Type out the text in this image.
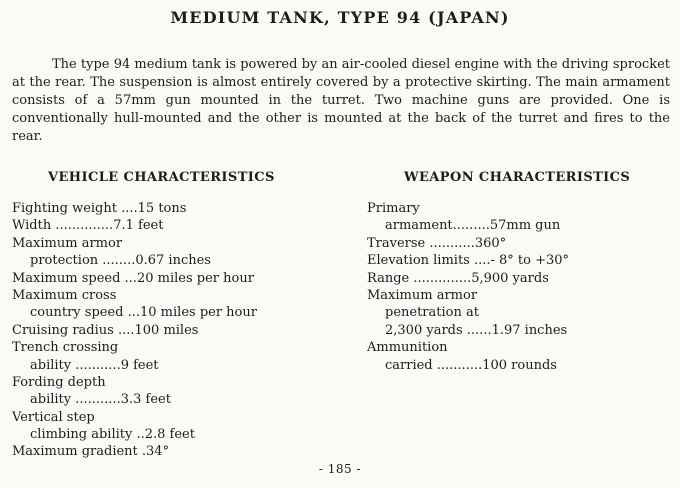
MEDIUM TANK, TYPE 94 (JAPAN)

The type 94 medium tank is powered by an air-cooled diesel engine with the driving sprocket at the rear. The suspension is almost entirely covered by a protective skirting. The main armament consists of a 57mm gun mounted in the turret. Two machine guns are provided. One is conventionally hull-mounted and the other is mounted at the back of the turret and fires to the rear.

VEHICLE CHARACTERISTICS	WEAPON CHARACTERISTICS
Fighting weight ....15 tons
Width ..............7.1 feet
Maximum armor
protection ........0.67 inches
Maximum speed ...20 miles per hour
Maximum cross
country speed ...10 miles per hour
Cruising radius ....100 miles
Trench crossing
ability ...........9 feet
Fording depth
ability ...........3.3 feet
Vertical step
climbing ability ..2.8 feet
Maximum gradient .34°
Primary
armament.........57mm gun
Traverse ...........360°
Elevation limits ....- 8° to +30°
Range ..............5,900 yards
Maximum armor
penetration at
2,300 yards ......1.97 inches
Ammunition
carried ...........100 rounds
- 185 -
